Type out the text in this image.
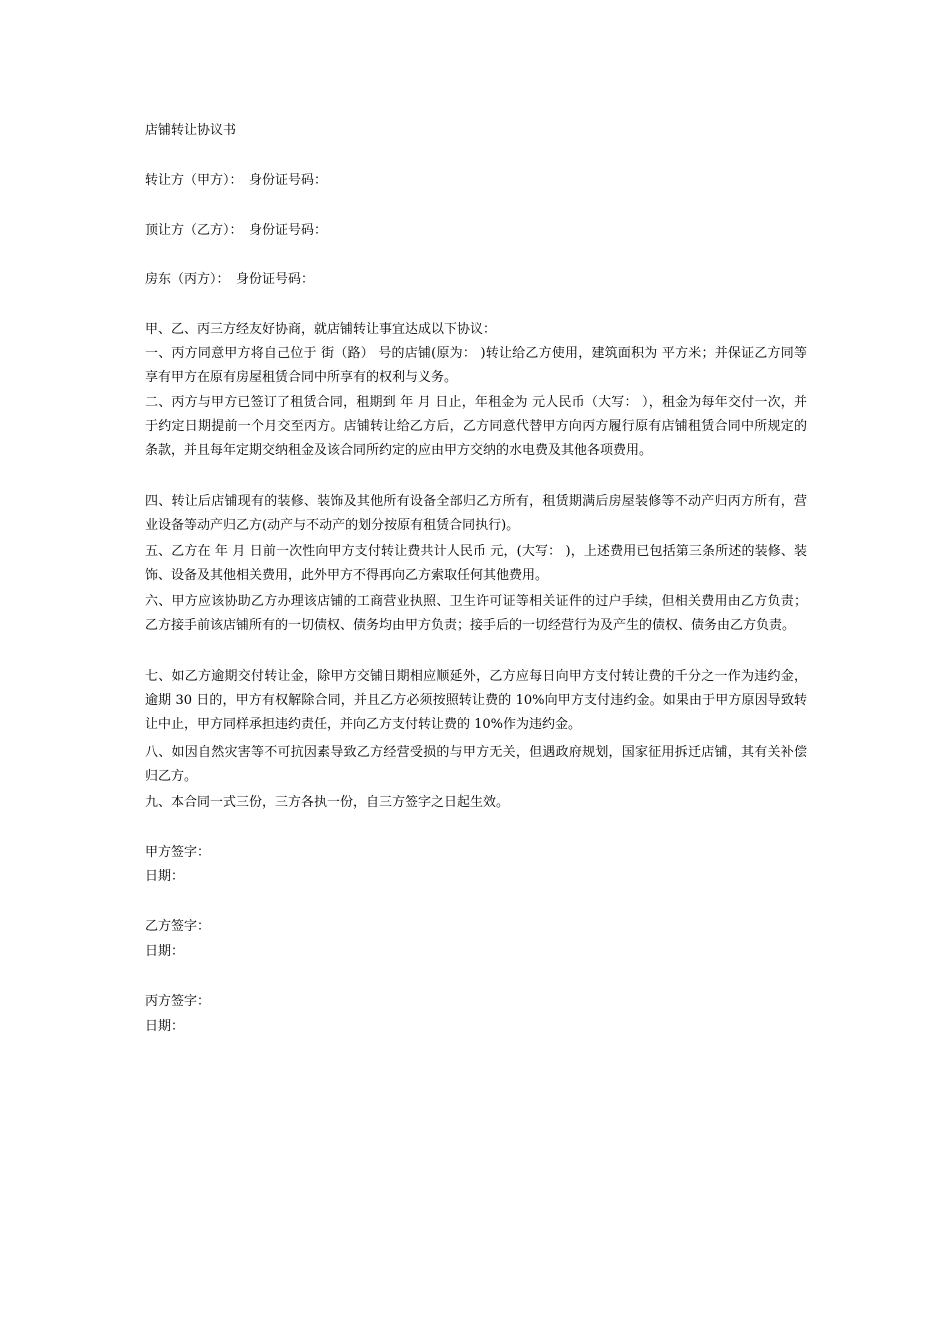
店铺转让协议书
转让方（甲方）：　身份证号码：
顶让方（乙方）：　身份证号码：
房东（丙方）：　身份证号码：
甲、乙、丙三方经友好协商，就店铺转让事宜达成以下协议：
一、丙方同意甲方将自己位于 街（路） 号的店铺(原为： )转让给乙方使用，建筑面积为 平方米；并保证乙方同等享有甲方在原有房屋租赁合同中所享有的权利与义务。
二、丙方与甲方已签订了租赁合同，租期到 年 月 日止，年租金为 元人民币（大写： ），租金为每年交付一次，并于约定日期提前一个月交至丙方。店铺转让给乙方后，乙方同意代替甲方向丙方履行原有店铺租赁合同中所规定的条款，并且每年定期交纳租金及该合同所约定的应由甲方交纳的水电费及其他各项费用。
四、转让后店铺现有的装修、装饰及其他所有设备全部归乙方所有，租赁期满后房屋装修等不动产归丙方所有，营业设备等动产归乙方(动产与不动产的划分按原有租赁合同执行)。
五、乙方在 年 月 日前一次性向甲方支付转让费共计人民币 元，(大写： )，上述费用已包括第三条所述的装修、装饰、设备及其他相关费用，此外甲方不得再向乙方索取任何其他费用。
六、甲方应该协助乙方办理该店铺的工商营业执照、卫生许可证等相关证件的过户手续，但相关费用由乙方负责；乙方接手前该店铺所有的一切债权、债务均由甲方负责；接手后的一切经营行为及产生的债权、债务由乙方负责。
七、如乙方逾期交付转让金，除甲方交铺日期相应顺延外，乙方应每日向甲方支付转让费的千分之一作为违约金，逾期 30 日的，甲方有权解除合同，并且乙方必须按照转让费的 10%向甲方支付违约金。如果由于甲方原因导致转让中止，甲方同样承担违约责任，并向乙方支付转让费的 10%作为违约金。
八、如因自然灾害等不可抗因素导致乙方经营受损的与甲方无关，但遇政府规划，国家征用拆迁店铺，其有关补偿归乙方。
九、本合同一式三份，三方各执一份，自三方签字之日起生效。
甲方签字：
日期：
乙方签字：
日期：
丙方签字：
日期：
